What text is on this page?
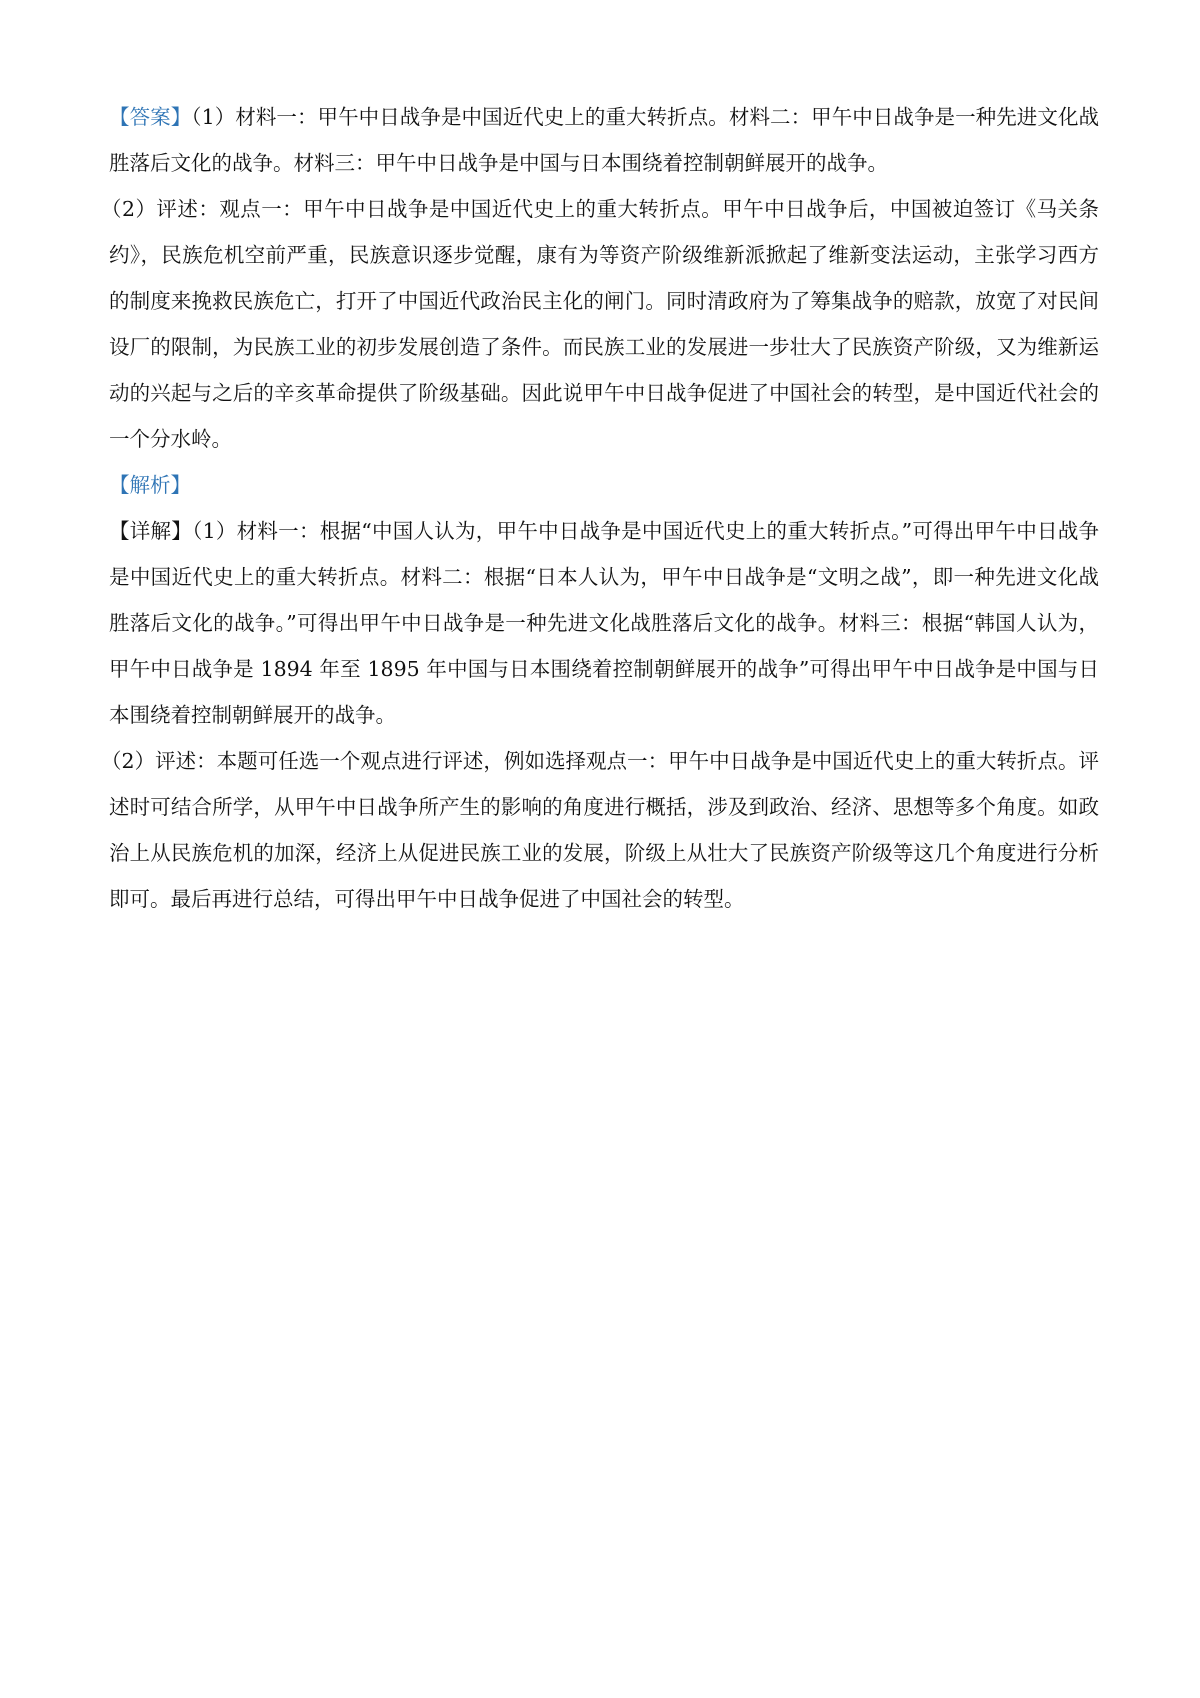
【答案】（1）材料一：甲午中日战争是中国近代史上的重大转折点。材料二：甲午中日战争是一种先进文化战胜落后文化的战争。材料三：甲午中日战争是中国与日本围绕着控制朝鲜展开的战争。

（2）评述：观点一：甲午中日战争是中国近代史上的重大转折点。甲午中日战争后，中国被迫签订《马关条约》，民族危机空前严重，民族意识逐步觉醒，康有为等资产阶级维新派掀起了维新变法运动，主张学习西方的制度来挽救民族危亡，打开了中国近代政治民主化的闸门。同时清政府为了筹集战争的赔款，放宽了对民间设厂的限制，为民族工业的初步发展创造了条件。而民族工业的发展进一步壮大了民族资产阶级，又为维新运动的兴起与之后的辛亥革命提供了阶级基础。因此说甲午中日战争促进了中国社会的转型，是中国近代社会的一个分水岭。

【解析】

【详解】（1）材料一：根据“中国人认为，甲午中日战争是中国近代史上的重大转折点。”可得出甲午中日战争是中国近代史上的重大转折点。材料二：根据“日本人认为，甲午中日战争是“文明之战”，即一种先进文化战胜落后文化的战争。”可得出甲午中日战争是一种先进文化战胜落后文化的战争。材料三：根据“韩国人认为，甲午中日战争是 1894 年至 1895 年中国与日本围绕着控制朝鲜展开的战争”可得出甲午中日战争是中国与日本围绕着控制朝鲜展开的战争。

（2）评述：本题可任选一个观点进行评述，例如选择观点一：甲午中日战争是中国近代史上的重大转折点。评述时可结合所学，从甲午中日战争所产生的影响的角度进行概括，涉及到政治、经济、思想等多个角度。如政治上从民族危机的加深，经济上从促进民族工业的发展，阶级上从壮大了民族资产阶级等这几个角度进行分析即可。最后再进行总结，可得出甲午中日战争促进了中国社会的转型。
